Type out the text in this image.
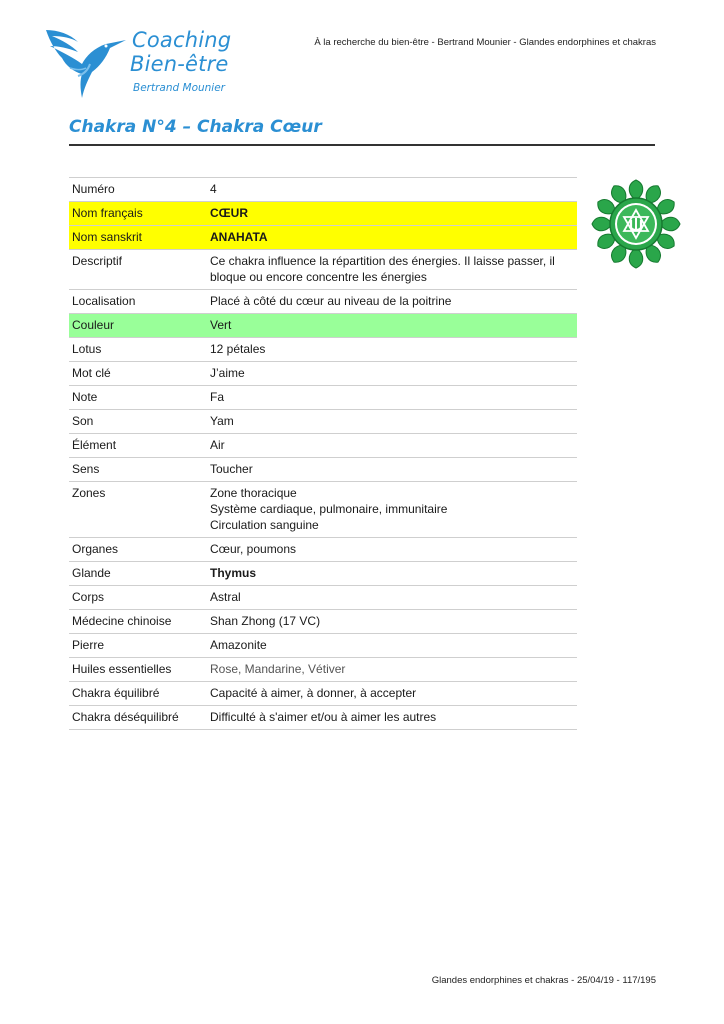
Coaching
Bien-être
Bertrand Mounier
À la recherche du bien-être - Bertrand Mounier - Glandes endorphines et chakras
Chakra N°4 – Chakra Cœur
Numéro	4

Nom français	CŒUR

Nom sanskrit	ANAHATA

Descriptif	Ce chakra influence la répartition des énergies. Il laisse passer, il bloque ou encore concentre les énergies

Localisation	Placé à côté du cœur au niveau de la poitrine

Couleur	Vert

Lotus	12 pétales

Mot clé	J’aime

Note	Fa

Son	Yam

Élément	Air

Sens	Toucher

Zones	Zone thoracique
Système cardiaque, pulmonaire, immunitaire
Circulation sanguine

Organes	Cœur, poumons

Glande	Thymus

Corps	Astral

Médecine chinoise	Shan Zhong (17 VC)

Pierre	Amazonite

Huiles essentielles	Rose, Mandarine, Vétiver

Chakra équilibré	Capacité à aimer, à donner, à accepter

Chakra déséquilibré	Difficulté à s'aimer et/ou à aimer les autres
Glandes endorphines et chakras - 25/04/19 - 117/195
